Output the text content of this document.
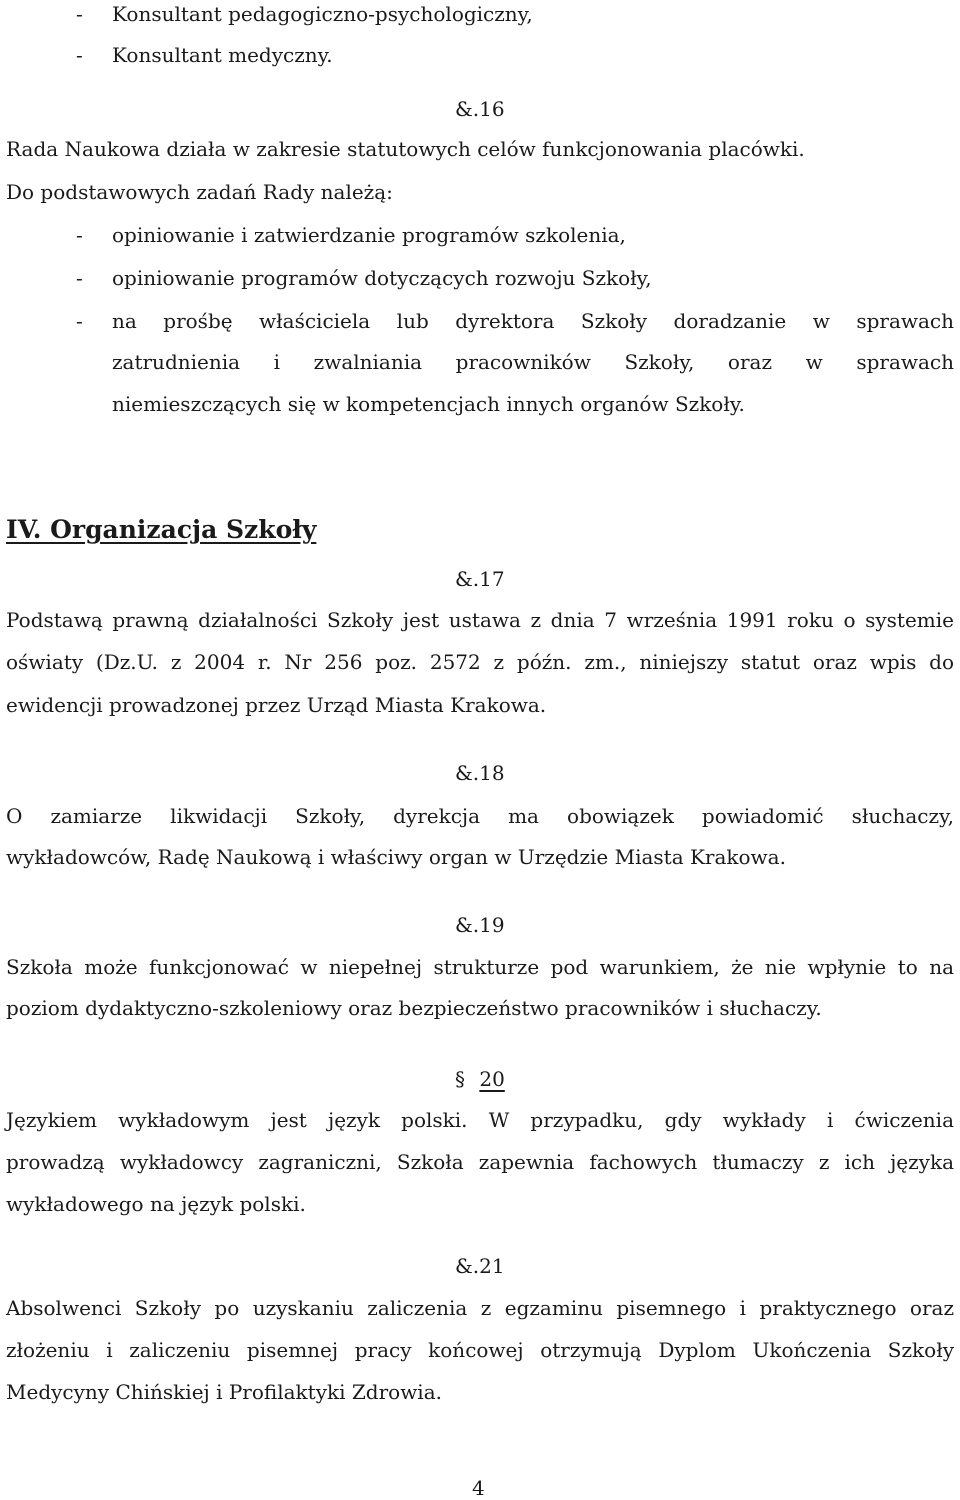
- Konsultant pedagogiczno-psychologiczny,
- Konsultant medyczny.
&.16
Rada Naukowa działa w zakresie statutowych celów funkcjonowania placówki.
Do podstawowych zadań Rady należą:
- opiniowanie i zatwierdzanie programów szkolenia,
- opiniowanie programów dotyczących rozwoju Szkoły,
-	na prośbę właściciela lub dyrektora Szkoły doradzanie w sprawach
zatrudnienia i zwalniania pracowników Szkoły, oraz w sprawach
niemieszczących się w kompetencjach innych organów Szkoły.
IV. Organizacja Szkoły
&.17
Podstawą prawną działalności Szkoły jest ustawa z dnia 7 września 1991 roku o systemie
oświaty (Dz.U. z 2004 r. Nr 256 poz. 2572 z późn. zm., niniejszy statut oraz wpis do
ewidencji prowadzonej przez Urząd Miasta Krakowa.
&.18
O zamiarze likwidacji Szkoły, dyrekcja ma obowiązek powiadomić słuchaczy,
wykładowców, Radę Naukową i właściwy organ w Urzędzie Miasta Krakowa.
&.19
Szkoła może funkcjonować w niepełnej strukturze pod warunkiem, że nie wpłynie to na
poziom dydaktyczno-szkoleniowy oraz bezpieczeństwo pracowników i słuchaczy.
§ 20
Językiem wykładowym jest język polski. W przypadku, gdy wykłady i ćwiczenia
prowadzą wykładowcy zagraniczni, Szkoła zapewnia fachowych tłumaczy z ich języka
wykładowego na język polski.
&.21
Absolwenci Szkoły po uzyskaniu zaliczenia z egzaminu pisemnego i praktycznego oraz
złożeniu i zaliczeniu pisemnej pracy końcowej otrzymują Dyplom Ukończenia Szkoły
Medycyny Chińskiej i Profilaktyki Zdrowia.
4
